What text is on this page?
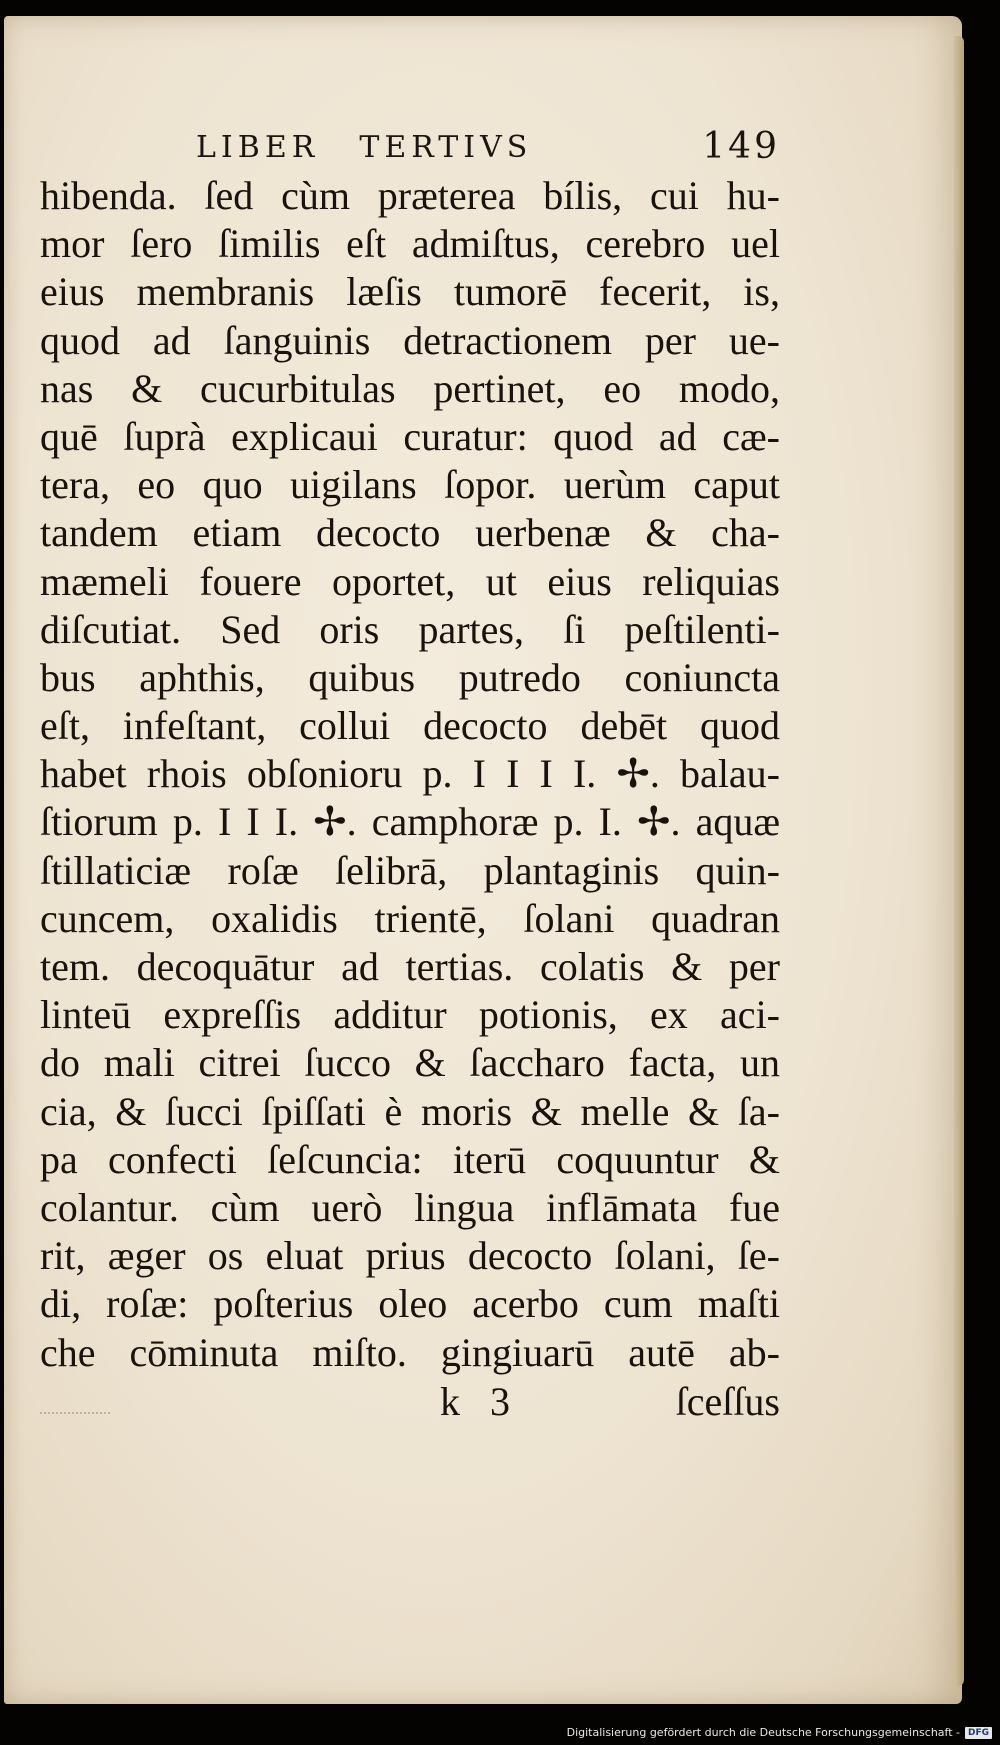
LIBER TERTIVS	149
hibenda. ſed cùm prӕterea bílis, cui hu-
mor ſero ſimilis eſt admiſtus, cerebro uel
eius membranis lӕſis tumorē fecerit, is,
quod ad ſanguinis detractionem per ue-
nas & cucurbitulas pertinet, eo modo,
quē ſuprà explicaui curatur: quod ad cӕ-
tera, eo quo uigilans ſopor. uerùm caput
tandem etiam decocto uerbenӕ & cha-
mӕmeli fouere oportet, ut eius reliquias
diſcutiat. Sed oris partes, ſi peſtilenti-
bus aphthis, quibus putredo coniuncta
eſt, infeſtant, collui decocto debēt quod
habet rhois obſonioru p. I I I I. ✢. balau-
ſtiorum p. I I I. ✢. camphorӕ p. I. ✢. aquӕ
ſtillaticiӕ roſӕ ſelibrā, plantaginis quin-
cuncem, oxalidis trientē, ſolani quadran
tem. decoquātur ad tertias. colatis & per
linteū expreſſis additur potionis, ex aci-
do mali citrei ſucco & ſaccharo facta, un
cia, & ſucci ſpiſſati è moris & melle & ſa-
pa confecti ſeſcuncia: iterū coquuntur &
colantur. cùm uerò lingua inflāmata fue
rit, ӕger os eluat prius decocto ſolani, ſe-
di, roſӕ: poſterius oleo acerbo cum maſti
che cōminuta miſto. gingiuarū autē ab-
k 3	ſceſſus
Digitalisierung gefördert durch die Deutsche Forschungsgemeinschaft - DFG
